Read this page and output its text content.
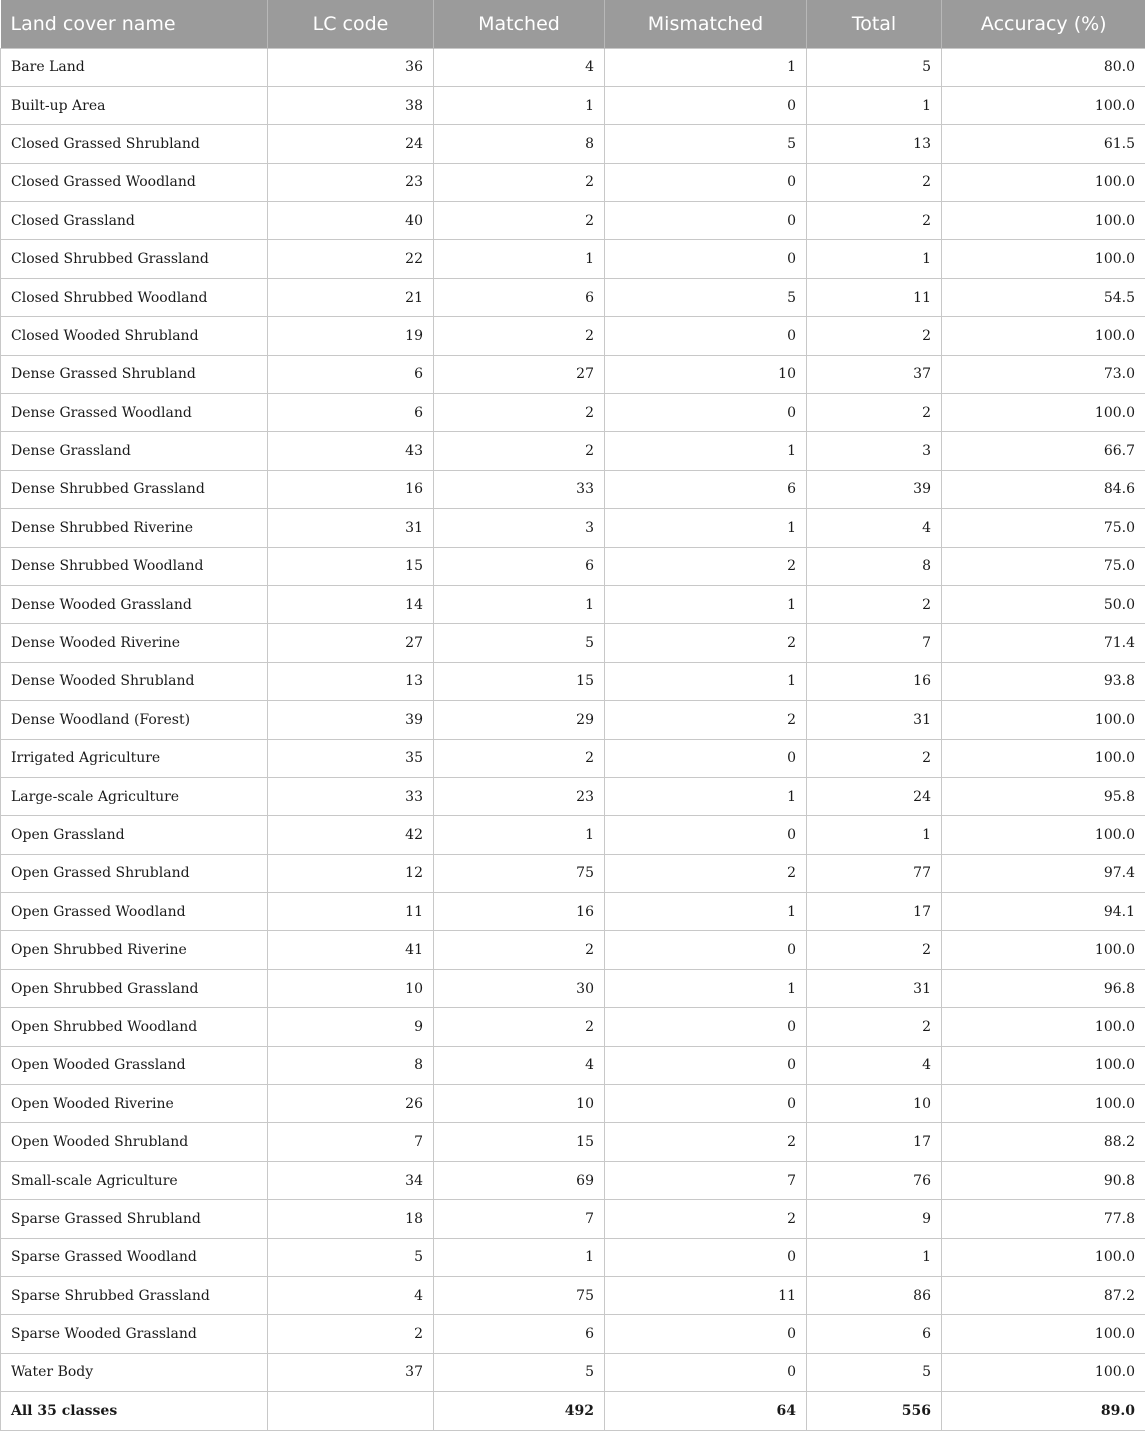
Land cover name	LC code	Matched	Mismatched	Total	Accuracy (%)
Bare Land	36	4	1	5	80.0
Built-up Area	38	1	0	1	100.0
Closed Grassed Shrubland	24	8	5	13	61.5
Closed Grassed Woodland	23	2	0	2	100.0
Closed Grassland	40	2	0	2	100.0
Closed Shrubbed Grassland	22	1	0	1	100.0
Closed Shrubbed Woodland	21	6	5	11	54.5
Closed Wooded Shrubland	19	2	0	2	100.0
Dense Grassed Shrubland	6	27	10	37	73.0
Dense Grassed Woodland	6	2	0	2	100.0
Dense Grassland	43	2	1	3	66.7
Dense Shrubbed Grassland	16	33	6	39	84.6
Dense Shrubbed Riverine	31	3	1	4	75.0
Dense Shrubbed Woodland	15	6	2	8	75.0
Dense Wooded Grassland	14	1	1	2	50.0
Dense Wooded Riverine	27	5	2	7	71.4
Dense Wooded Shrubland	13	15	1	16	93.8
Dense Woodland (Forest)	39	29	2	31	100.0
Irrigated Agriculture	35	2	0	2	100.0
Large-scale Agriculture	33	23	1	24	95.8
Open Grassland	42	1	0	1	100.0
Open Grassed Shrubland	12	75	2	77	97.4
Open Grassed Woodland	11	16	1	17	94.1
Open Shrubbed Riverine	41	2	0	2	100.0
Open Shrubbed Grassland	10	30	1	31	96.8
Open Shrubbed Woodland	9	2	0	2	100.0
Open Wooded Grassland	8	4	0	4	100.0
Open Wooded Riverine	26	10	0	10	100.0
Open Wooded Shrubland	7	15	2	17	88.2
Small-scale Agriculture	34	69	7	76	90.8
Sparse Grassed Shrubland	18	7	2	9	77.8
Sparse Grassed Woodland	5	1	0	1	100.0
Sparse Shrubbed Grassland	4	75	11	86	87.2
Sparse Wooded Grassland	2	6	0	6	100.0
Water Body	37	5	0	5	100.0
All 35 classes		492	64	556	89.0
